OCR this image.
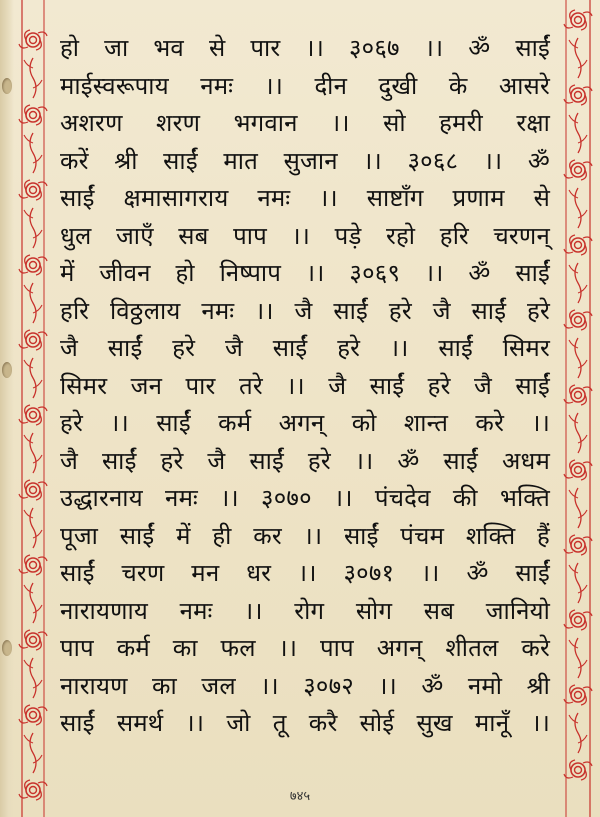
हो जा भव से पार ।। ३०६७ ।। ॐ साईं
माईस्वरूपाय नमः ।। दीन दुखी के आसरे
अशरण शरण भगवान ।। सो हमरी रक्षा
करें श्री साईं मात सुजान ।। ३०६८ ।। ॐ
साईं क्षमासागराय नमः ।। साष्टाँग प्रणाम से
धुल जाएँ सब पाप ।। पड़े रहो हरि चरणन्
में जीवन हो निष्पाप ।। ३०६९ ।। ॐ साईं
हरि विठ्ठलाय नमः ।। जै साईं हरे जै साईं हरे
जै साईं हरे जै साईं हरे ।। साईं सिमर
सिमर जन पार तरे ।। जै साईं हरे जै साईं
हरे ।। साईं कर्म अगन् को शान्त करे ।।
जै साईं हरे जै साईं हरे ।। ॐ साईं अधम
उद्धारनाय नमः ।। ३०७० ।। पंचदेव की भक्ति
पूजा साईं में ही कर ।। साईं पंचम शक्ति हैं
साईं चरण मन धर ।। ३०७१ ।। ॐ साईं
नारायणाय नमः ।। रोग सोग सब जानियो
पाप कर्म का फल ।। पाप अगन् शीतल करे
नारायण का जल ।। ३०७२ ।। ॐ नमो श्री
साईं समर्थ ।। जो तू करै सोई सुख मानूँ ।।
७४५
